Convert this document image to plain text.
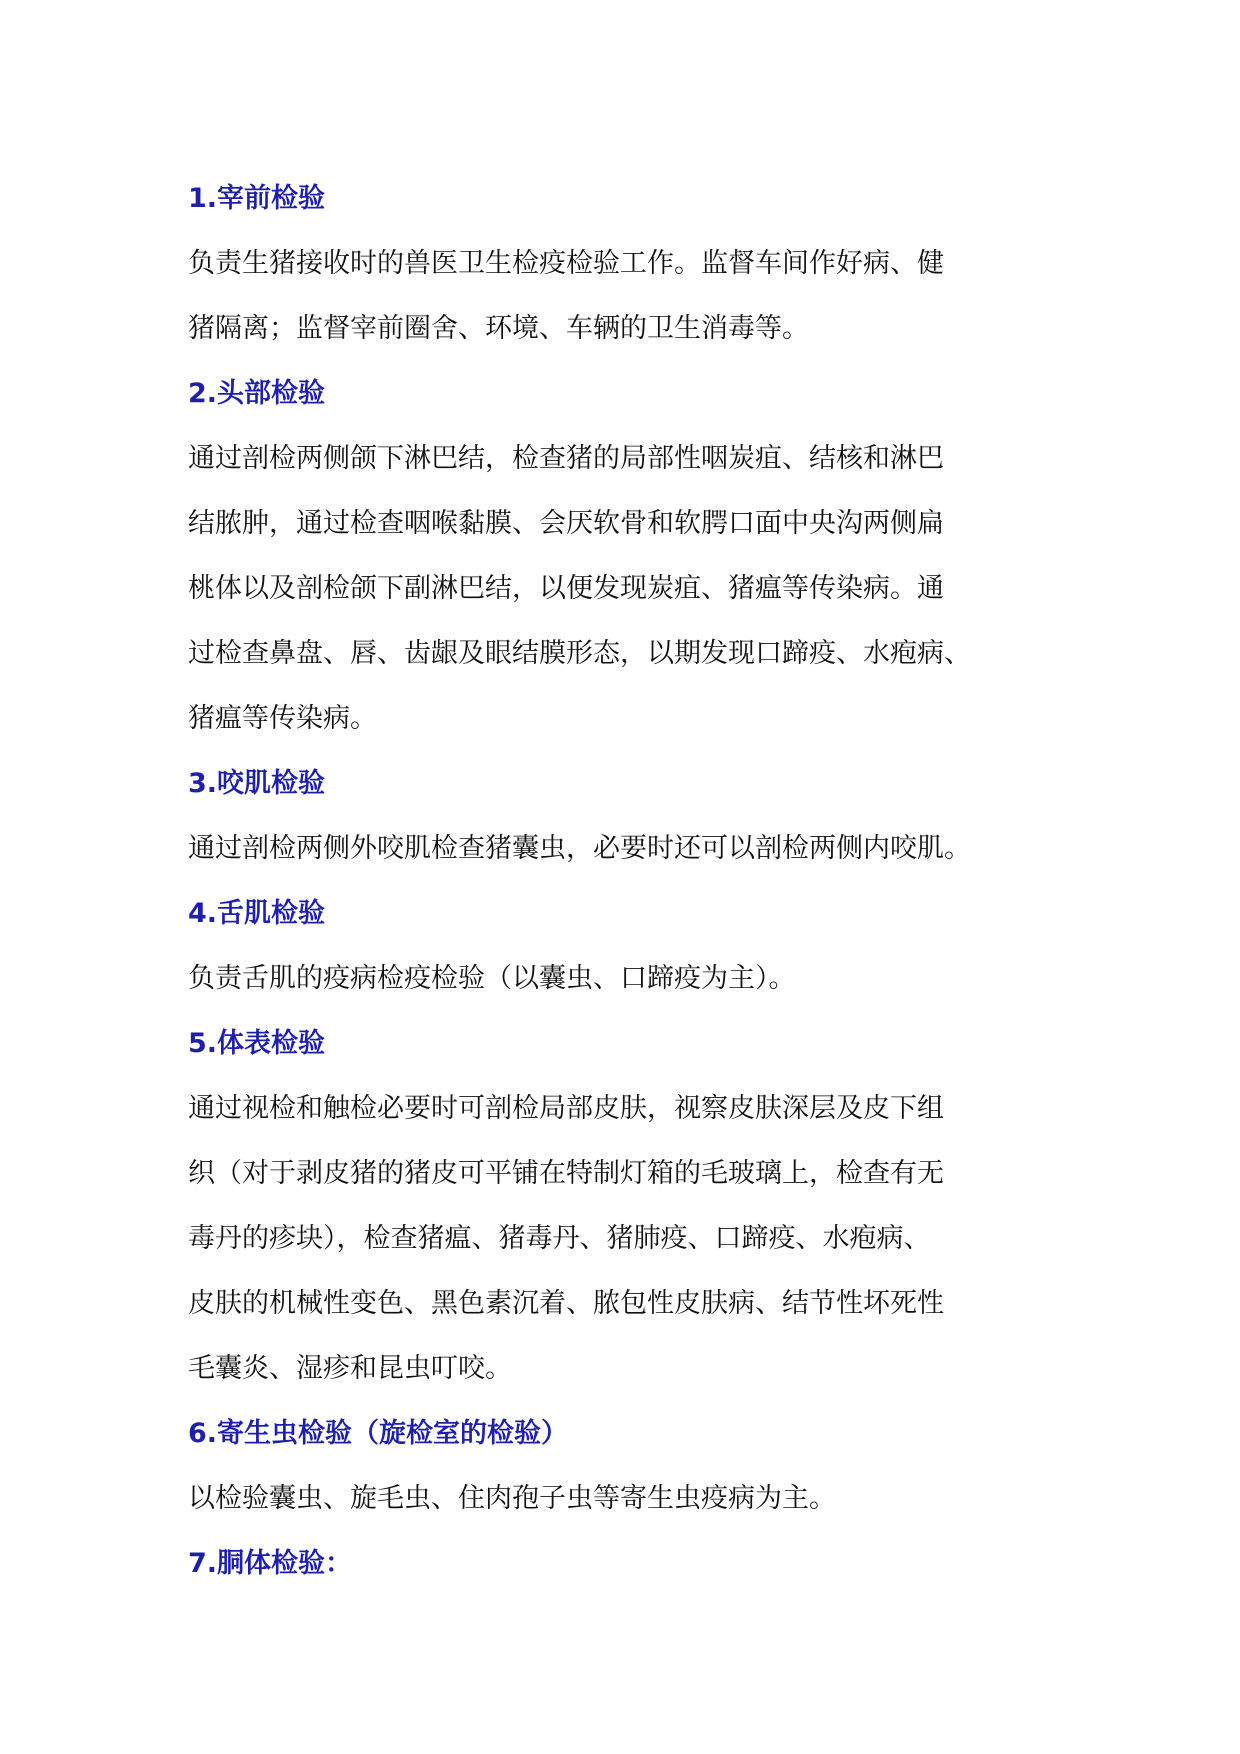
1.宰前检验

负责生猪接收时的兽医卫生检疫检验工作。监督车间作好病、健
猪隔离；监督宰前圈舍、环境、车辆的卫生消毒等。

2.头部检验

通过剖检两侧颌下淋巴结，检查猪的局部性咽炭疽、结核和淋巴
结脓肿，通过检查咽喉黏膜、会厌软骨和软腭口面中央沟两侧扁
桃体以及剖检颌下副淋巴结，以便发现炭疽、猪瘟等传染病。通
过检查鼻盘、唇、齿龈及眼结膜形态，以期发现口蹄疫、水疱病、
猪瘟等传染病。

3.咬肌检验

通过剖检两侧外咬肌检查猪囊虫，必要时还可以剖检两侧内咬肌。

4.舌肌检验

负责舌肌的疫病检疫检验（以囊虫、口蹄疫为主）。

5.体表检验

通过视检和触检必要时可剖检局部皮肤，视察皮肤深层及皮下组
织（对于剥皮猪的猪皮可平铺在特制灯箱的毛玻璃上，检查有无
毒丹的疹块），检查猪瘟、猪毒丹、猪肺疫、口蹄疫、水疱病、
皮肤的机械性变色、黑色素沉着、脓包性皮肤病、结节性坏死性
毛囊炎、湿疹和昆虫叮咬。

6.寄生虫检验（旋检室的检验）

以检验囊虫、旋毛虫、住肉孢子虫等寄生虫疫病为主。

7.胴体检验：
